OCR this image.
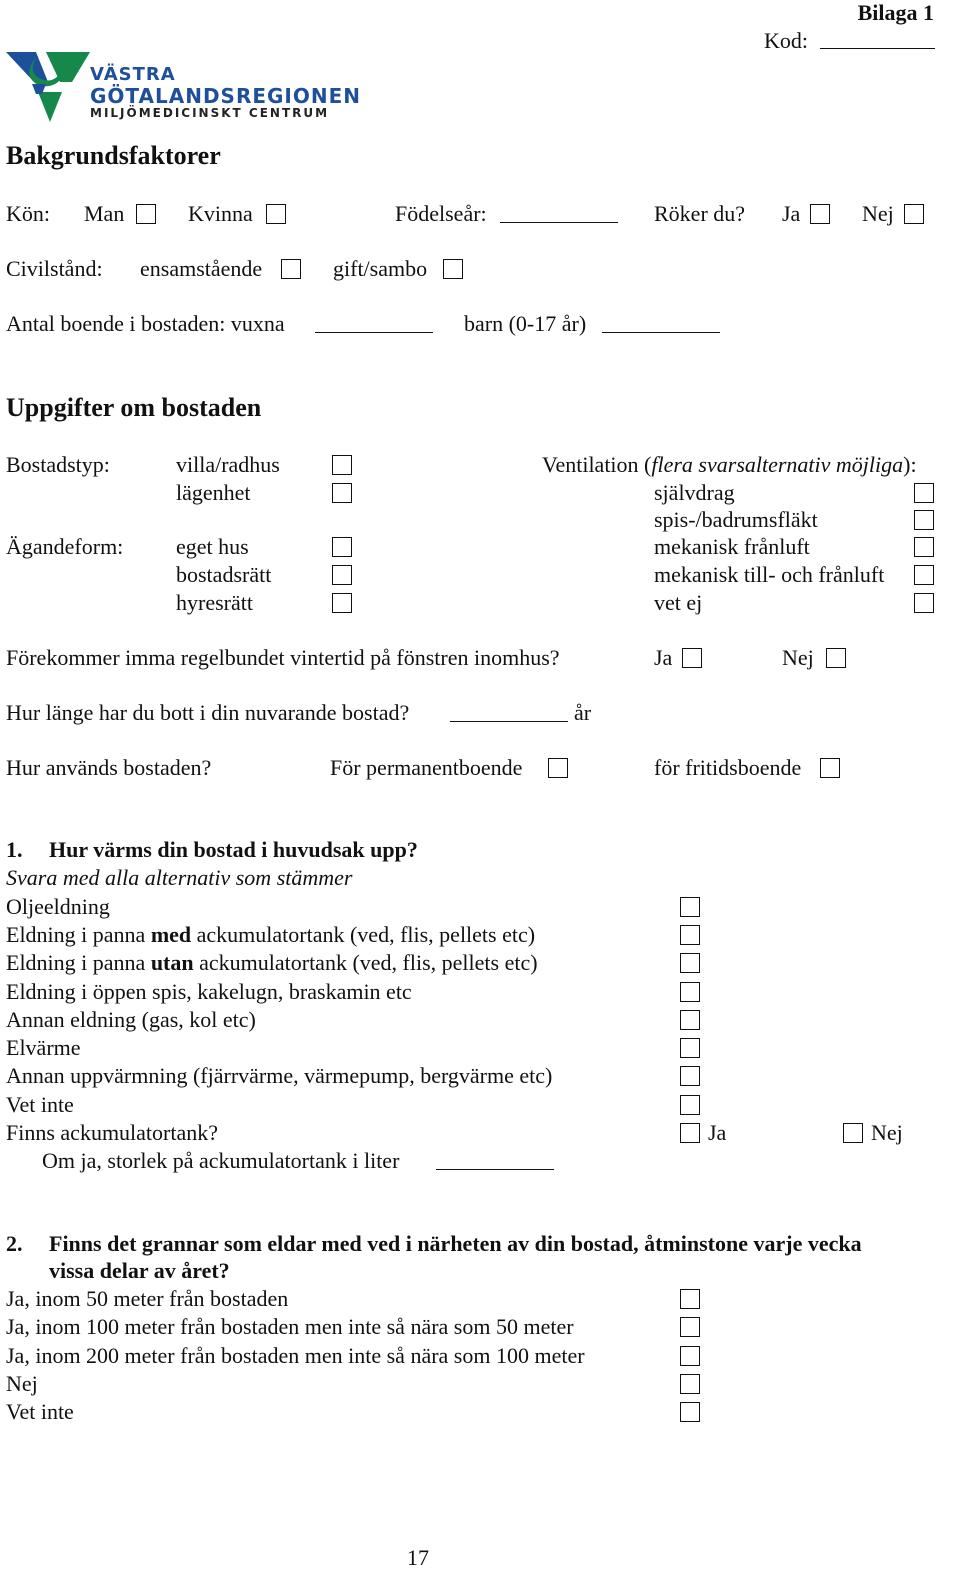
Bilaga 1
Kod:
VÄSTRA
GÖTALANDSREGIONEN
MILJÖMEDICINSKT CENTRUM
Bakgrundsfaktorer
Kön: Man	Kvinna	Födelseår:	Röker du? Ja	Nej
Civilstånd: ensamstående	gift/sambo
Antal boende i bostaden: vuxna	barn (0-17 år)
Uppgifter om bostaden
Bostadstyp:	villa/radhus
lägenhet
Ägandeform: eget hus
bostadsrätt
hyresrätt
Ventilation (flera svarsalternativ möjliga):
självdrag
spis-/badrumsfläkt
mekanisk frånluft
mekanisk till- och frånluft
vet ej
Förekommer imma regelbundet vintertid på fönstren inomhus?	Ja	Nej
Hur länge har du bott i din nuvarande bostad?	år
Hur används bostaden?	För permanentboende	för fritidsboende
1. Hur värms din bostad i huvudsak upp?
Svara med alla alternativ som stämmer
Oljeeldning
Eldning i panna med ackumulatortank (ved, flis, pellets etc)
Eldning i panna utan ackumulatortank (ved, flis, pellets etc)
Eldning i öppen spis, kakelugn, braskamin etc
Annan eldning (gas, kol etc)
Elvärme
Annan uppvärmning (fjärrvärme, värmepump, bergvärme etc)
Vet inte
Finns ackumulatortank?	Ja	Nej
Om ja, storlek på ackumulatortank i liter
2. Finns det grannar som eldar med ved i närheten av din bostad, åtminstone varje vecka
vissa delar av året?
Ja, inom 50 meter från bostaden
Ja, inom 100 meter från bostaden men inte så nära som 50 meter
Ja, inom 200 meter från bostaden men inte så nära som 100 meter
Nej
Vet inte
17
